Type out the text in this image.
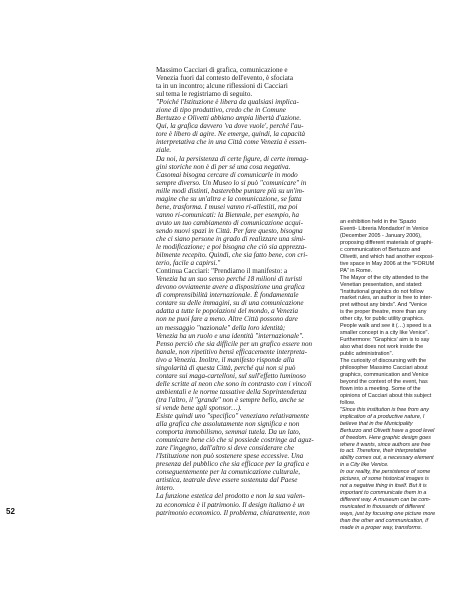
Massimo Cacciari di grafica, comunicazione e
Venezia fuori dal contesto dell'evento, è sfociata
ta in un incontro; alcune riflessioni di Cacciari
sul tema le registriamo di seguito.
"Poiché l'Istituzione è libera da qualsiasi implica-
zione di tipo produttivo, credo che in Comune
Bertuzzo e Olivetti abbiano ampia libertà d'azione.
Qui, la grafica davvero 'va dove vuole', perché l'au-
tore è libero di agire. Ne emerge, quindi, la capacità
interpretativa che in una Città come Venezia è essen-
ziale.
Da noi, la persistenza di certe figure, di certe immag-
gini storiche non è di per sé una cosa negativa.
Casomai bisogna cercare di comunicarle in modo
sempre diverso. Un Museo lo si può "comunicare" in
mille modi distinti, basterebbe puntare più su un'im-
magine che su un'altra e la comunicazione, se fatta
bene, trasforma. I musei vanno ri-allestiti, ma poi
vanno ri-comunicati: la Biennale, per esempio, ha
avuto un tuo cambiamento di comunicazione acqui-
sendo nuovi spazi in Città. Per fare questo, bisogna
che ci siano persone in grado di realizzare una simi-
le modificazione; e poi bisogna che ciò sia apprezza-
bilmente recepito. Quindi, che sia fatto bene, con cri-
terio, facile a capirsi."
Continua Cacciari: "Prendiamo il manifesto: a
Venezia ha un suo senso perché 18 milioni di turisti
devono ovviamente avere a disposizione una grafica
di comprensibilità internazionale. È fondamentale
contare su delle immagini, su di una comunicazione
adatta a tutte le popolazioni del mondo, a Venezia
non ne puoi fare a meno. Altre Città possono dare
un messaggio "nazionale" della loro identità;
Venezia ha un ruolo e una identità "internazionale".
Penso perciò che sia difficile per un grafico essere non
banale, non ripetitivo bensì efficacemente interpreta-
tivo a Venezia. Inoltre, il manifesto risponde alla
singolarità di questa Città, perché qui non si può
contare sui maga-cartelloni, sul sull'effetto luminoso
delle scritte al neon che sono in contrasto con i vincoli
ambientali e le norme tassative della Soprintendenza
(tra l'altro, il "grande" non è sempre bello, anche se
si vende bene agli sponsor…).
Esiste quindi uno "specifico" veneziano relativamente
alla grafica che assolutamente non significa e non
comporta immobilismo, semmai tutela. Da un lato,
comunicare bene ciò che si possiede costringe ad aguz-
zare l'ingegno, dall'altro si deve considerare che
l'Istituzione non può sostenere spese eccessive. Una
presenza del pubblico che sia efficace per la grafica e
conseguentemente per la comunicazione culturale,
artistica, teatrale deve essere sostenuta dal Paese
intero.
La funzione estetica del prodotto e non la sua valen-
za economica è il patrimonio. Il design italiano è un
patrimonio economico. Il problema, chiaramente, non
an exhibition held in the 'Spazio
Eventi- Libreria Mondadori' in Venice
(December 2005 - January 2006),
proposing different materials of graphi-
c communication of Bertuzzo and
Olivetti, and which had another exposi-
tive space in May 2006 at the "FORUM
PA" in Rome.
The Mayor of the city attended to the
Venetian presentation, and stated:
"Institutional graphics do not follow
market rules, an author is free to inter-
pret without any binds". And "Venice
is the proper theatre, more than any
other city, for public utility graphics.
People walk and see it (…) speed is a
smaller concept in a city like Venice".
Furthermore: "Graphics' aim is to say
also what does not work inside the
public administration".
The curiosity of discoursing with the
philosopher Massimo Cacciari about
graphics, communication and Venice
beyond the context of the event, has
flown into a meeting. Some of the
opinions of Cacciari about this subject
follow.
"Since this institution is free from any
implication of a productive nature, I
believe that in the Municipality
Bertuzzo and Olivetti have a good level
of freedom. Here graphic design goes
where it wants, since authors are free
to act. Therefore, their interpretative
ability comes out, a necessary element
in a City like Venice.
In our reality, the persistence of some
pictures, of some historical images is
not a negative thing in itself. But it is
important to communicate them in a
different way. A museum can be com-
municated in thousands of different
ways, just by focusing one picture more
than the other and communication, if
made in a proper way, transforms.
52
